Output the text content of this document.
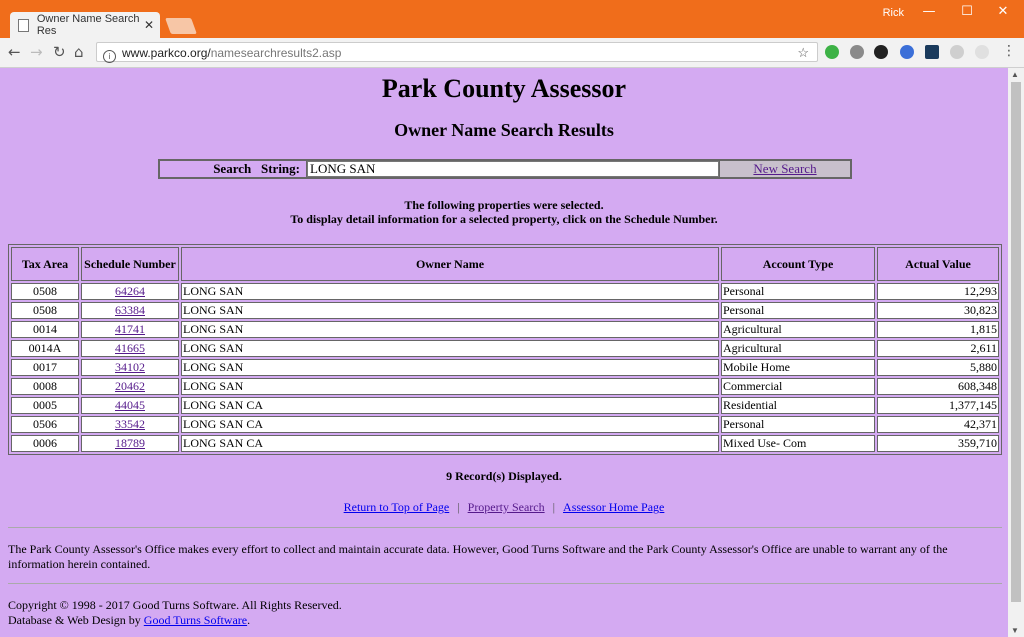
Owner Name Search Res	✕
Rick	—	☐	✕
← → ↻ ⌂	i www.parkco.org/namesearchresults2.asp	☆	⋮
Park County Assessor
Owner Name Search Results
Search   String:
LONG SAN	New Search
The following properties were selected.
To display detail information for a selected property, click on the Schedule Number.
Tax Area	Schedule Number	Owner Name	Account Type	Actual Value
0508	64264	LONG SAN	Personal	12,293
0508	63384	LONG SAN	Personal	30,823
0014	41741	LONG SAN	Agricultural	1,815
0014A	41665	LONG SAN	Agricultural	2,611
0017	34102	LONG SAN	Mobile Home	5,880
0008	20462	LONG SAN	Commercial	608,348
0005	44045	LONG SAN CA	Residential	1,377,145
0506	33542	LONG SAN CA	Personal	42,371
0006	18789	LONG SAN CA	Mixed Use- Com	359,710
9 Record(s) Displayed.
Return to Top of Page | Property Search | Assessor Home Page
The Park County Assessor's Office makes every effort to collect and maintain accurate data. However, Good Turns Software and the Park County Assessor's Office are unable to warrant any of the information herein contained.
Copyright © 1998 - 2017 Good Turns Software. All Rights Reserved.
Database & Web Design by Good Turns Software.
▲
▼
